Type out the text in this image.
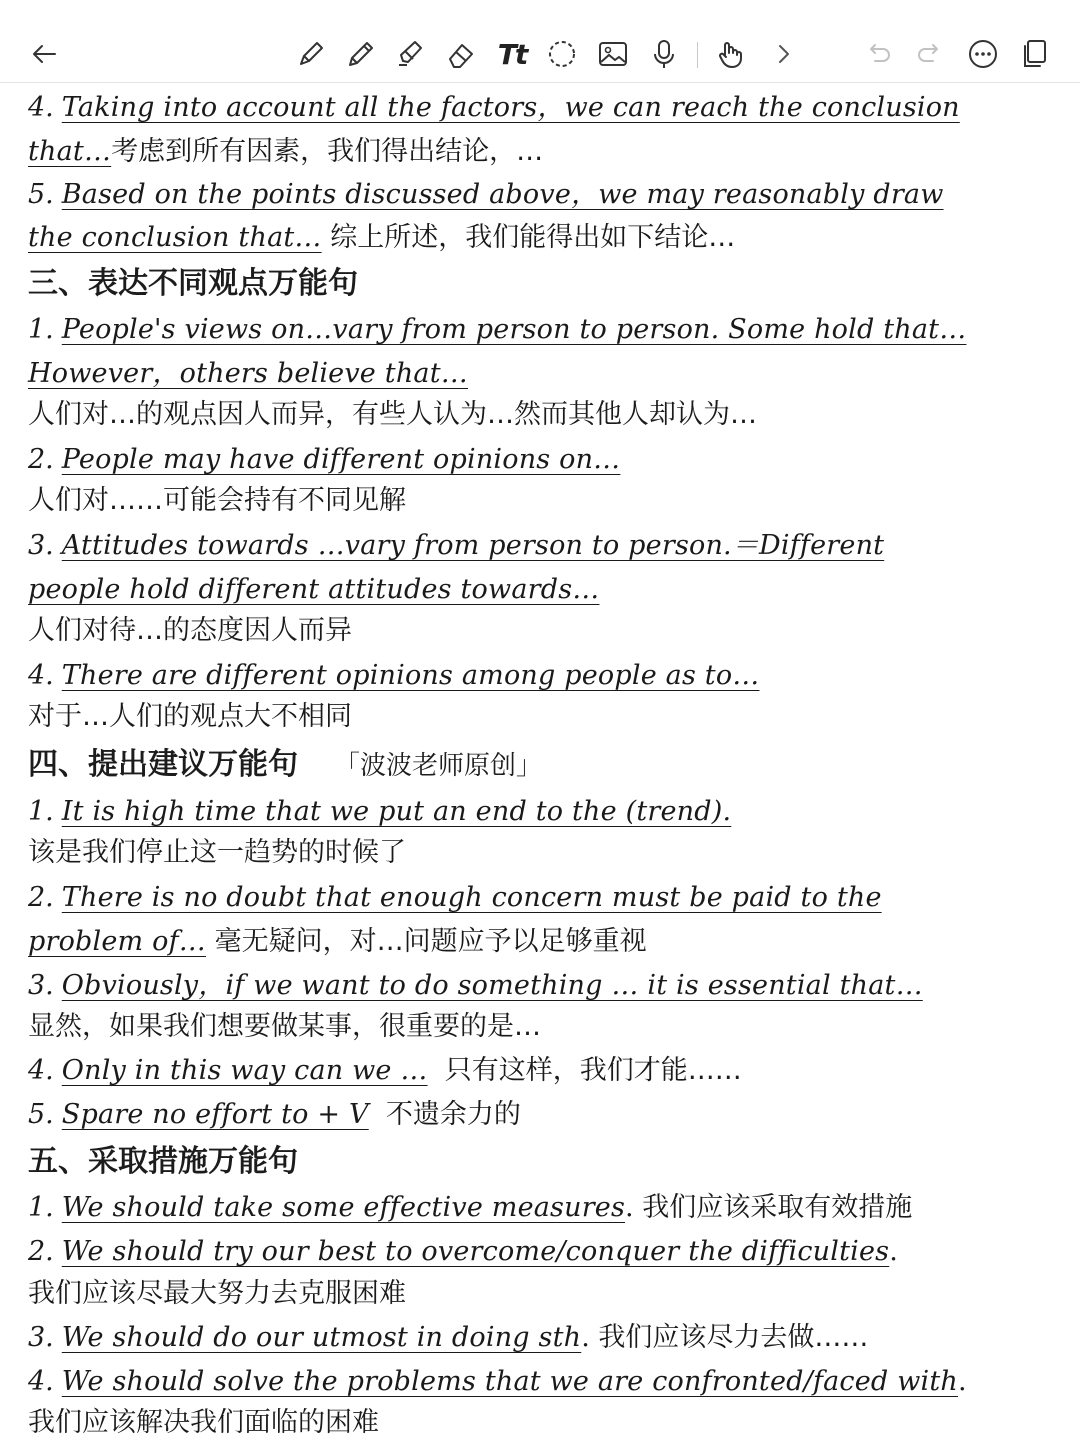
Tt
4. Taking into account all the factors，we can reach the conclusion
that…考虑到所有因素，我们得出结论，…
5. Based on the points discussed above，we may reasonably draw
the conclusion that… 综上所述，我们能得出如下结论…
三、表达不同观点万能句
1. People's views on…vary from person to person. Some hold that…
However，others believe that…
人们对…的观点因人而异，有些人认为…然而其他人却认为…
2. People may have different opinions on…
人们对……可能会持有不同见解
3. Attitudes towards …vary from person to person.＝Different
people hold different attitudes towards…
人们对待…的态度因人而异
4. There are different opinions among people as to…
对于…人们的观点大不相同
四、提出建议万能句 「波波老师原创」
1. It is high time that we put an end to the (trend).
该是我们停止这一趋势的时候了
2. There is no doubt that enough concern must be paid to the
problem of… 毫无疑问，对…问题应予以足够重视
3. Obviously，if we want to do something … it is essential that…
显然，如果我们想要做某事，很重要的是…
4. Only in this way can we … 只有这样，我们才能……
5. Spare no effort to + V 不遗余力的
五、采取措施万能句
1. We should take some effective measures. 我们应该采取有效措施
2. We should try our best to overcome/conquer the difficulties.
我们应该尽最大努力去克服困难
3. We should do our utmost in doing sth. 我们应该尽力去做……
4. We should solve the problems that we are confronted/faced with.
我们应该解决我们面临的困难
